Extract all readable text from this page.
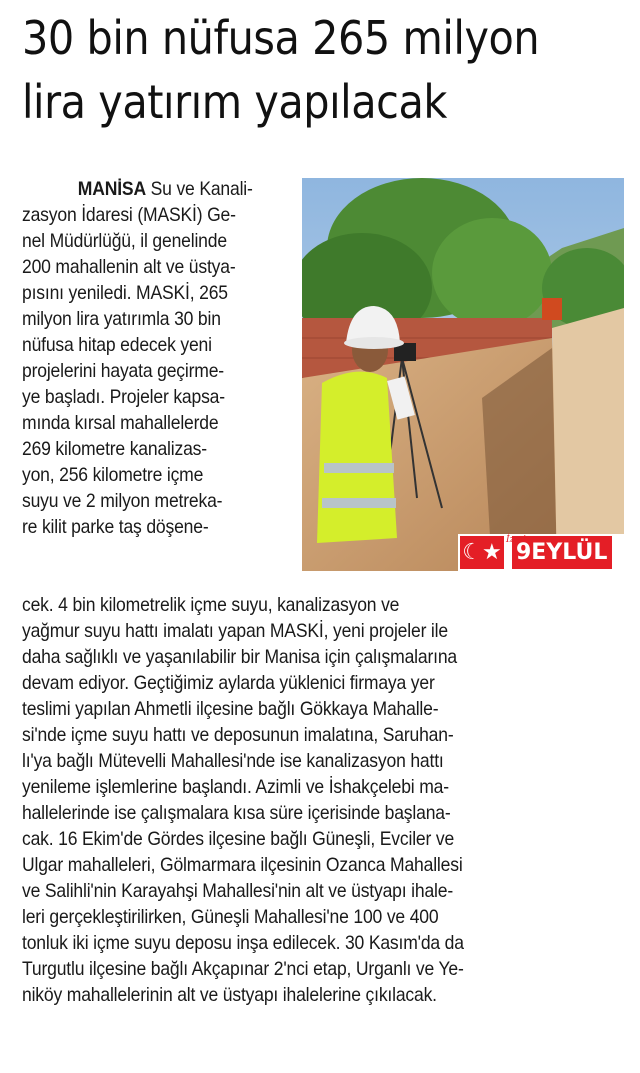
30 bin nüfusa 265 milyon
lira yatırım yapılacak
☾★ 9EYLÜL
İzmir
MANİSA Su ve Kanali-
zasyon İdaresi (MASKİ) Ge-
nel Müdürlüğü, il genelinde
200 mahallenin alt ve üstya-
pısını yeniledi. MASKİ, 265
milyon lira yatırımla 30 bin
nüfusa hitap edecek yeni
projelerini hayata geçirme-
ye başladı. Projeler kapsa-
mında kırsal mahallelerde
269 kilometre kanalizas-
yon, 256 kilometre içme
suyu ve 2 milyon metreka-
re kilit parke taş döşene-
cek. 4 bin kilometrelik içme suyu, kanalizasyon ve
yağmur suyu hattı imalatı yapan MASKİ, yeni projeler ile
daha sağlıklı ve yaşanılabilir bir Manisa için çalışmalarına
devam ediyor. Geçtiğimiz aylarda yüklenici firmaya yer
teslimi yapılan Ahmetli ilçesine bağlı Gökkaya Mahalle-
si'nde içme suyu hattı ve deposunun imalatına, Saruhan-
lı'ya bağlı Mütevelli Mahallesi'nde ise kanalizasyon hattı
yenileme işlemlerine başlandı. Azimli ve İshakçelebi ma-
hallelerinde ise çalışmalara kısa süre içerisinde başlana-
cak. 16 Ekim'de Gördes ilçesine bağlı Güneşli, Evciler ve
Ulgar mahalleleri, Gölmarmara ilçesinin Ozanca Mahallesi
ve Salihli'nin Karayahşi Mahallesi'nin alt ve üstyapı ihale-
leri gerçekleştirilirken, Güneşli Mahallesi'ne 100 ve 400
tonluk iki içme suyu deposu inşa edilecek. 30 Kasım'da da
Turgutlu ilçesine bağlı Akçapınar 2'nci etap, Urganlı ve Ye-
niköy mahallelerinin alt ve üstyapı ihalelerine çıkılacak.
